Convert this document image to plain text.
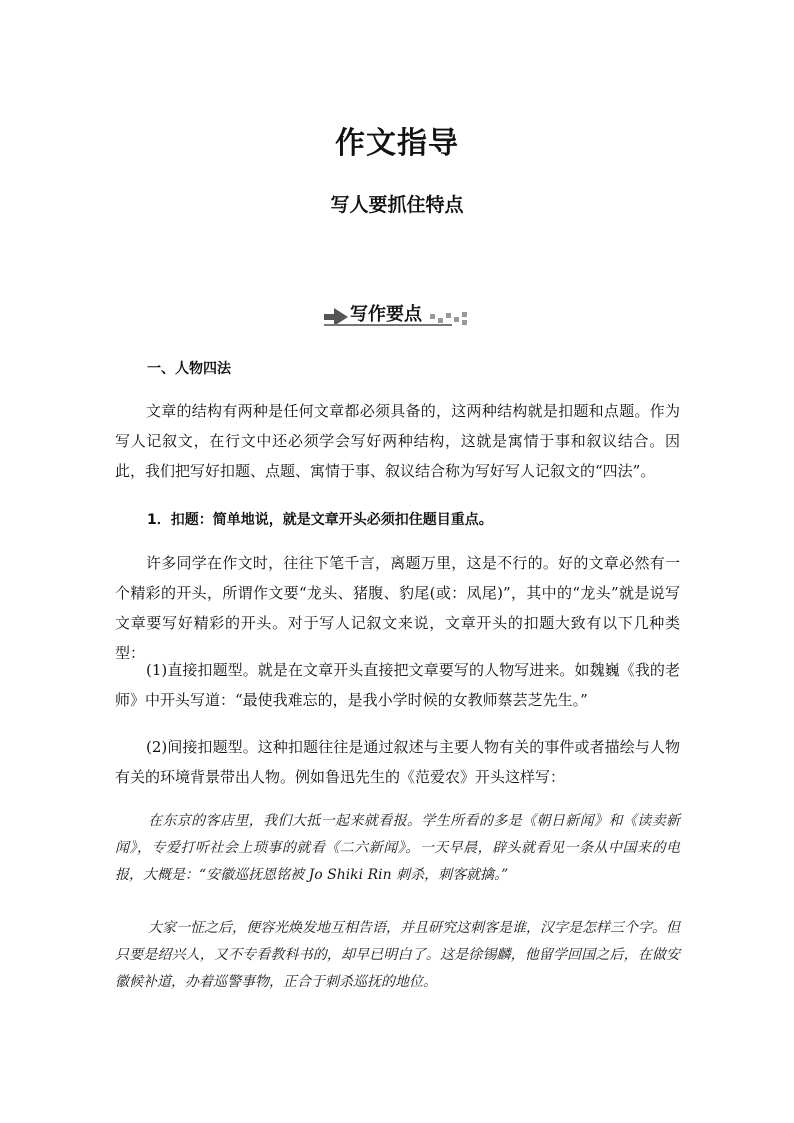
作文指导
写人要抓住特点
写作要点
一、人物四法
文章的结构有两种是任何文章都必须具备的，这两种结构就是扣题和点题。作为写人记叙文，在行文中还必须学会写好两种结构，这就是寓情于事和叙议结合。因此，我们把写好扣题、点题、寓情于事、叙议结合称为写好写人记叙文的“四法”。
1．扣题：简单地说，就是文章开头必须扣住题目重点。
许多同学在作文时，往往下笔千言，离题万里，这是不行的。好的文章必然有一个精彩的开头，所谓作文要“龙头、猪腹、豹尾(或：凤尾)”，其中的“龙头”就是说写文章要写好精彩的开头。对于写人记叙文来说，文章开头的扣题大致有以下几种类型：
(1)直接扣题型。就是在文章开头直接把文章要写的人物写进来。如魏巍《我的老师》中开头写道：“最使我难忘的，是我小学时候的女教师蔡芸芝先生。”
(2)间接扣题型。这种扣题往往是通过叙述与主要人物有关的事件或者描绘与人物有关的环境背景带出人物。例如鲁迅先生的《范爱农》开头这样写：
在东京的客店里，我们大抵一起来就看报。学生所看的多是《朝日新闻》和《读卖新闻》，专爱打听社会上琐事的就看《二六新闻》。一天早晨，辟头就看见一条从中国来的电报，大概是：“安徽巡抚恩铭被 Jo Shiki Rin 刺杀，刺客就擒。”
大家一怔之后，便容光焕发地互相告语，并且研究这刺客是谁，汉字是怎样三个字。但只要是绍兴人，又不专看教科书的，却早已明白了。这是徐锡麟，他留学回国之后，在做安徽候补道，办着巡警事物，正合于刺杀巡抚的地位。
